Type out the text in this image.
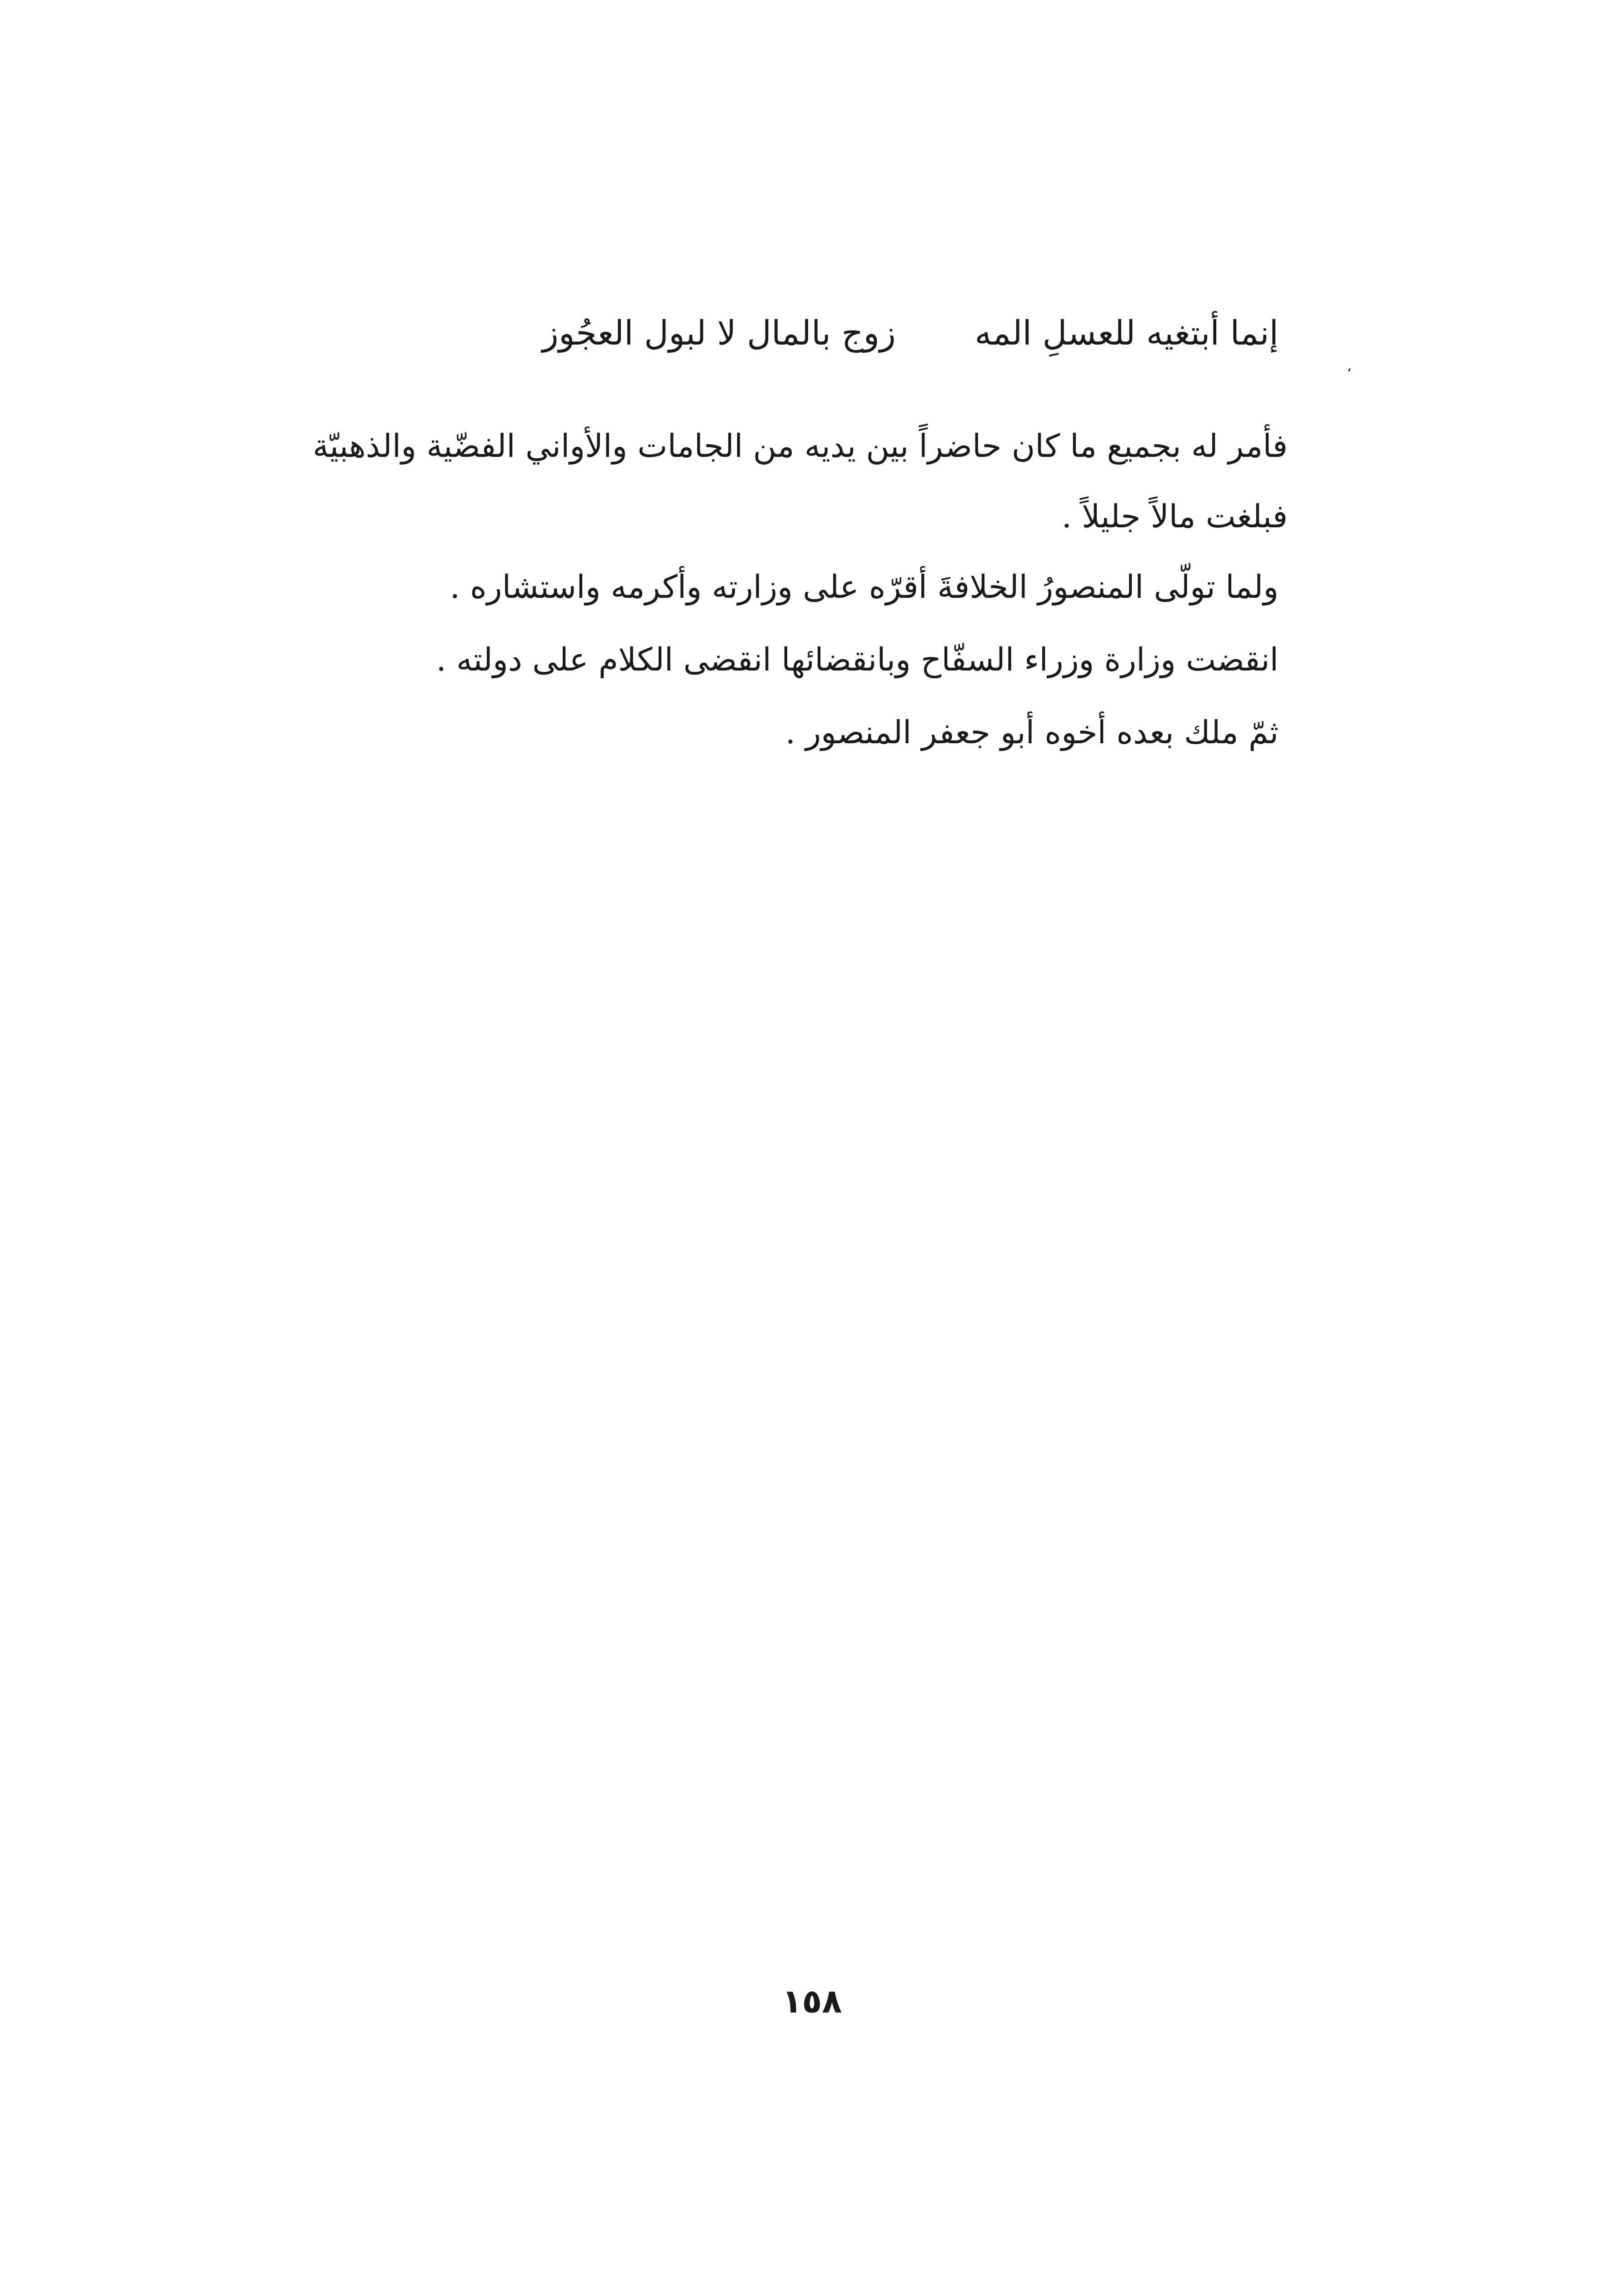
إنما أبتغيه للعسلِ المه زوج بالمال لا لبول العجُوز
،
فأمر له بجميع ما كان حاضراً بين يديه من الجامات والأواني الفضّية والذهبيّة
فبلغت مالاً جليلاً .
ولما تولّى المنصورُ الخلافةَ أقرّه على وزارته وأكرمه واستشاره .
انقضت وزارة وزراء السفّاح وبانقضائها انقضى الكلام على دولته .
ثمّ ملك بعده أخوه أبو جعفر المنصور .
١٥٨
